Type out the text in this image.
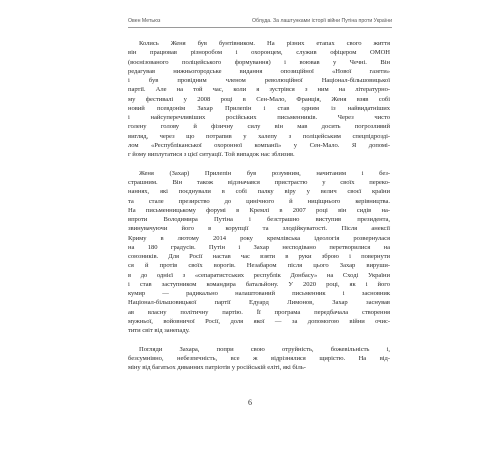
Овен Метьюз	Облуда. За лаштунками історії війни Путіна проти України

Колись Женя був бунтівником. На різних етапах свого життя
він працював різноробом і охоронцем, служив офіцером ОМОН
(воєнізованого поліцейського формування) і воював у Чечні. Він
редагував нижньогородське видання опозиційної «Нової газети»
і був провідним членом революційної Націонал-більшовицької
партії. Але на той час, коли я зустрівся з ним на літературно-
му фестивалі у 2008 році в Сен-Мало, Франція, Женя взяв собі
новий псевдонім Захар Прилепін і став одним із найвидатніших
і найсуперечливіших російських письменників. Через чисто
голену голову й фізичну силу він мав досить погрозливий
вигляд, через що потрапив у халепу з поліцейським спецпідрозді-
лом «Республіканської охоронної компанії» у Сен-Мало. Я допомі-
г йому виплутатися з цієї ситуації. Той випадок нас зблизив.

Женя (Захар) Прилепін був розумним, начитаним і без-
страшним. Він також відзначався пристрастю у своїх переко-
наннях, які поєднували в собі палку віру у велич своєї країни
та стале презирство до цинічного й ниціщнього керівництва.
На письменницькому форумі в Кремлі в 2007 році він сидів на-
впроти Володимира Путіна і безстрашно виступив президента,
звинувачуючи його в корупції та злодійкуватості. Після анексії
Криму в лютому 2014 року кремлівська ідеологія розвернулася
на 180 градусів. Путін і Захар несподівано перетворилися на
союзників. Для Росії настав час взяти в руки зброю і повернути
ся й протів своїх ворогів. Незабаром після цього Захар вируши-
в до однієї з «сепаратистських республік Донбасу» на Сході України
і став заступником командира батальйону. У 2020 році, як і його
кумир — радикально налаштований письменник і засновник
Націонал-більшовицької партії Едуард Лимонов, Захар заснував
ав власну політичну партію. Її програма передбачала створення
мужньої, войовничої Росії, доля якої — за допомогою війни очис-
тити світ від занепаду.

Погляди Захара, попри свою отруйність, божевільність і,
безсумнівно, небезпечність, все ж відрізнялися щирістю. На від-
міну від багатьох диванних патріотів у російській еліті, які біль-

6
